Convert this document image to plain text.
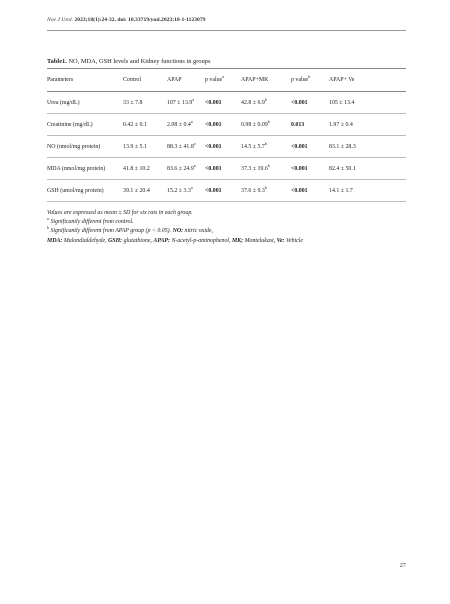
Nov J Urol. 2023;18(1):24-32. doi: 10.33719/yud.2023;18-1-1123079
Table1. NO, MDA, GSH levels and Kidney functions in groups
Parameters	Control	APAP	p value$^a$	APAP+MK	p value$^b$	APAP+ Ve
Urea (mg/dL)	33 ± 7.8	107 ± 13.9$^a$	<0.001	42.8 ± 6.9$^b$	<0.001	105 ± 13.4
Creatinine (mg/dL)	0.42 ± 0.1	2.08 ± 0.4$^a$	<0.001	0.98 ± 0.09$^b$	0.013	1.97 ± 0.4
NO (nmol/mg protein)	13.9 ± 5.1	88.3 ± 41.8$^a$	<0.001	14.5 ± 5.7$^b$	<0.001	83.1 ± 28.3
MDA (nmol/mg protein)	41.8 ± 10.2	83.6 ± 24.9$^a$	<0.001	37.3 ± 19.6$^b$	<0.001	82.4 ± 50.1
GSH (umol/mg protein)	39.1 ± 20.4	15.2 ± 3.3$^a$	<0.001	37.6 ± 9.3$^b$	<0.001	14.1 ± 1.7
Values are expressed as mean ± SD for six rats in each group.
$^a$ Significantly different from control.
$^b$ Significantly different from APAP group (p < 0.05). NO: nitric oxide,
MDA: Malondialdehyde, GSH: glutathione, APAP: N-acetyl-p-aminophenol, MK; Montelukast, Ve: Vehicle
27
